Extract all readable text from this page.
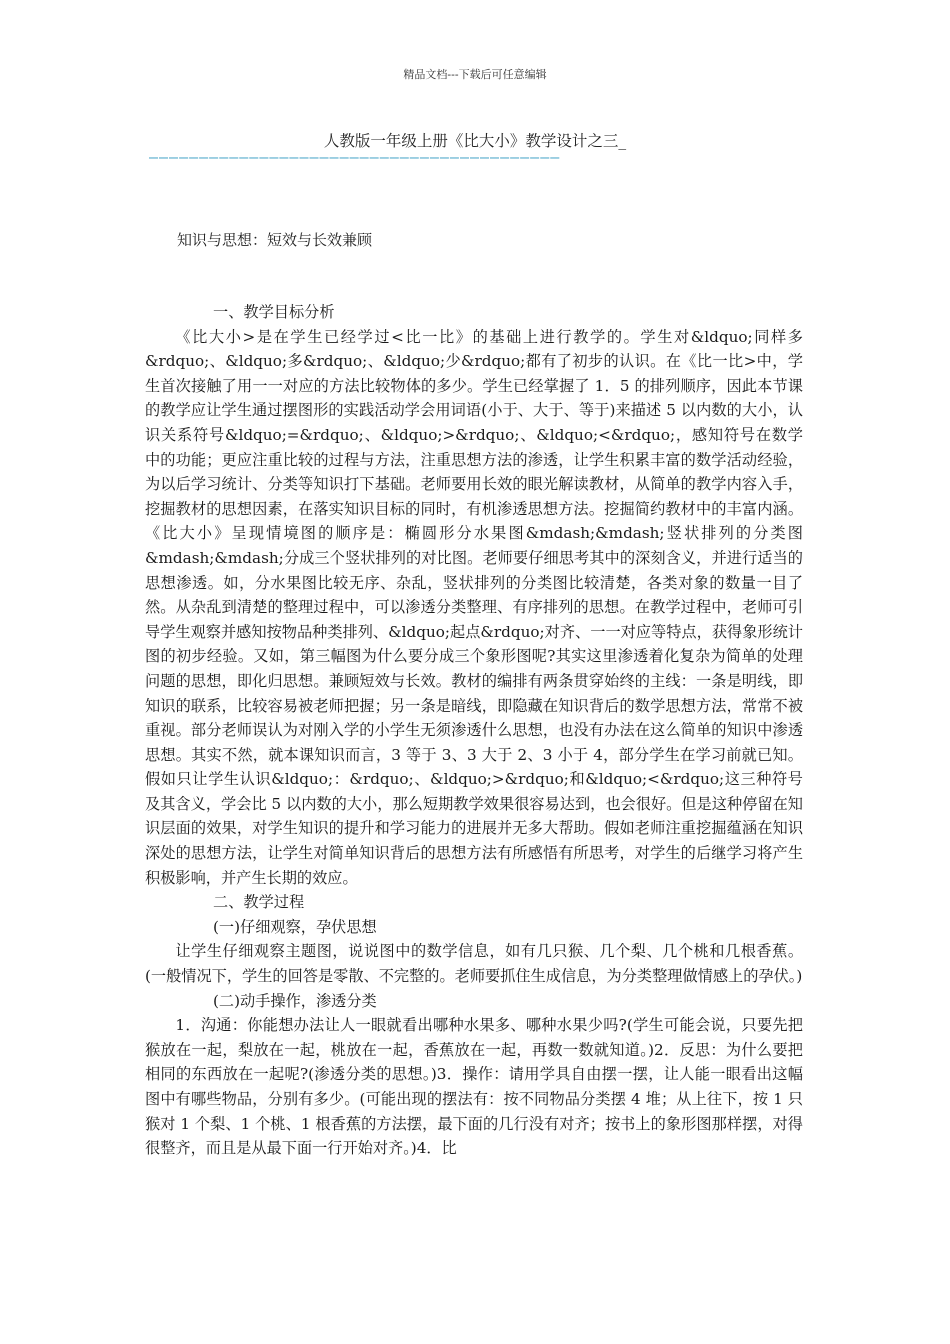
精品文档---下载后可任意编辑
人教版一年级上册《比大小》教学设计之三_
—————————————————————————————————————————
知识与思想：短效与长效兼顾

一、教学目标分析

《比大小>是在学生已经学过<比一比》的基础上进行教学的。学生对&ldquo;同样多&rdquo;、&ldquo;多&rdquo;、&ldquo;少&rdquo;都有了初步的认识。在《比一比>中，学生首次接触了用一一对应的方法比较物体的多少。学生已经掌握了 1．5 的排列顺序，因此本节课的教学应让学生通过摆图形的实践活动学会用词语(小于、大于、等于)来描述 5 以内数的大小，认识关系符号&ldquo;=&rdquo;、&ldquo;>&rdquo;、&ldquo;<&rdquo;，感知符号在数学中的功能；更应注重比较的过程与方法，注重思想方法的渗透，让学生积累丰富的数学活动经验，为以后学习统计、分类等知识打下基础。老师要用长效的眼光解读教材，从简单的教学内容入手，挖掘教材的思想因素，在落实知识目标的同时，有机渗透思想方法。挖掘简约教材中的丰富内涵。《比大小》呈现情境图的顺序是：椭圆形分水果图&mdash;&mdash;竖状排列的分类图&mdash;&mdash;分成三个竖状排列的对比图。老师要仔细思考其中的深刻含义，并进行适当的思想渗透。如，分水果图比较无序、杂乱，竖状排列的分类图比较清楚，各类对象的数量一目了然。从杂乱到清楚的整理过程中，可以渗透分类整理、有序排列的思想。在教学过程中，老师可引导学生观察并感知按物品种类排列、&ldquo;起点&rdquo;对齐、一一对应等特点，获得象形统计图的初步经验。又如，第三幅图为什么要分成三个象形图呢?其实这里渗透着化复杂为简单的处理问题的思想，即化归思想。兼顾短效与长效。教材的编排有两条贯穿始终的主线：一条是明线，即知识的联系，比较容易被老师把握；另一条是暗线，即隐藏在知识背后的数学思想方法，常常不被重视。部分老师误认为对刚入学的小学生无须渗透什么思想，也没有办法在这么简单的知识中渗透思想。其实不然，就本课知识而言，3 等于 3、3 大于 2、3 小于 4，部分学生在学习前就已知。假如只让学生认识&ldquo;：&rdquo;、&ldquo;>&rdquo;和&ldquo;<&rdquo;这三种符号及其含义，学会比 5 以内数的大小，那么短期教学效果很容易达到，也会很好。但是这种停留在知识层面的效果，对学生知识的提升和学习能力的进展并无多大帮助。假如老师注重挖掘蕴涵在知识深处的思想方法，让学生对简单知识背后的思想方法有所感悟有所思考，对学生的后继学习将产生积极影响，并产生长期的效应。

二、教学过程

(一)仔细观察，孕伏思想

让学生仔细观察主题图，说说图中的数学信息，如有几只猴、几个梨、几个桃和几根香蕉。(一般情况下，学生的回答是零散、不完整的。老师要抓住生成信息，为分类整理做情感上的孕伏。)

(二)动手操作，渗透分类

1．沟通：你能想办法让人一眼就看出哪种水果多、哪种水果少吗?(学生可能会说，只要先把猴放在一起，梨放在一起，桃放在一起，香蕉放在一起，再数一数就知道。)2．反思：为什么要把相同的东西放在一起呢?(渗透分类的思想。)3．操作：请用学具自由摆一摆，让人能一眼看出这幅图中有哪些物品，分别有多少。(可能出现的摆法有：按不同物品分类摆 4 堆；从上往下，按 1 只猴对 1 个梨、1 个桃、1 根香蕉的方法摆，最下面的几行没有对齐；按书上的象形图那样摆，对得很整齐，而且是从最下面一行开始对齐。)4．比
